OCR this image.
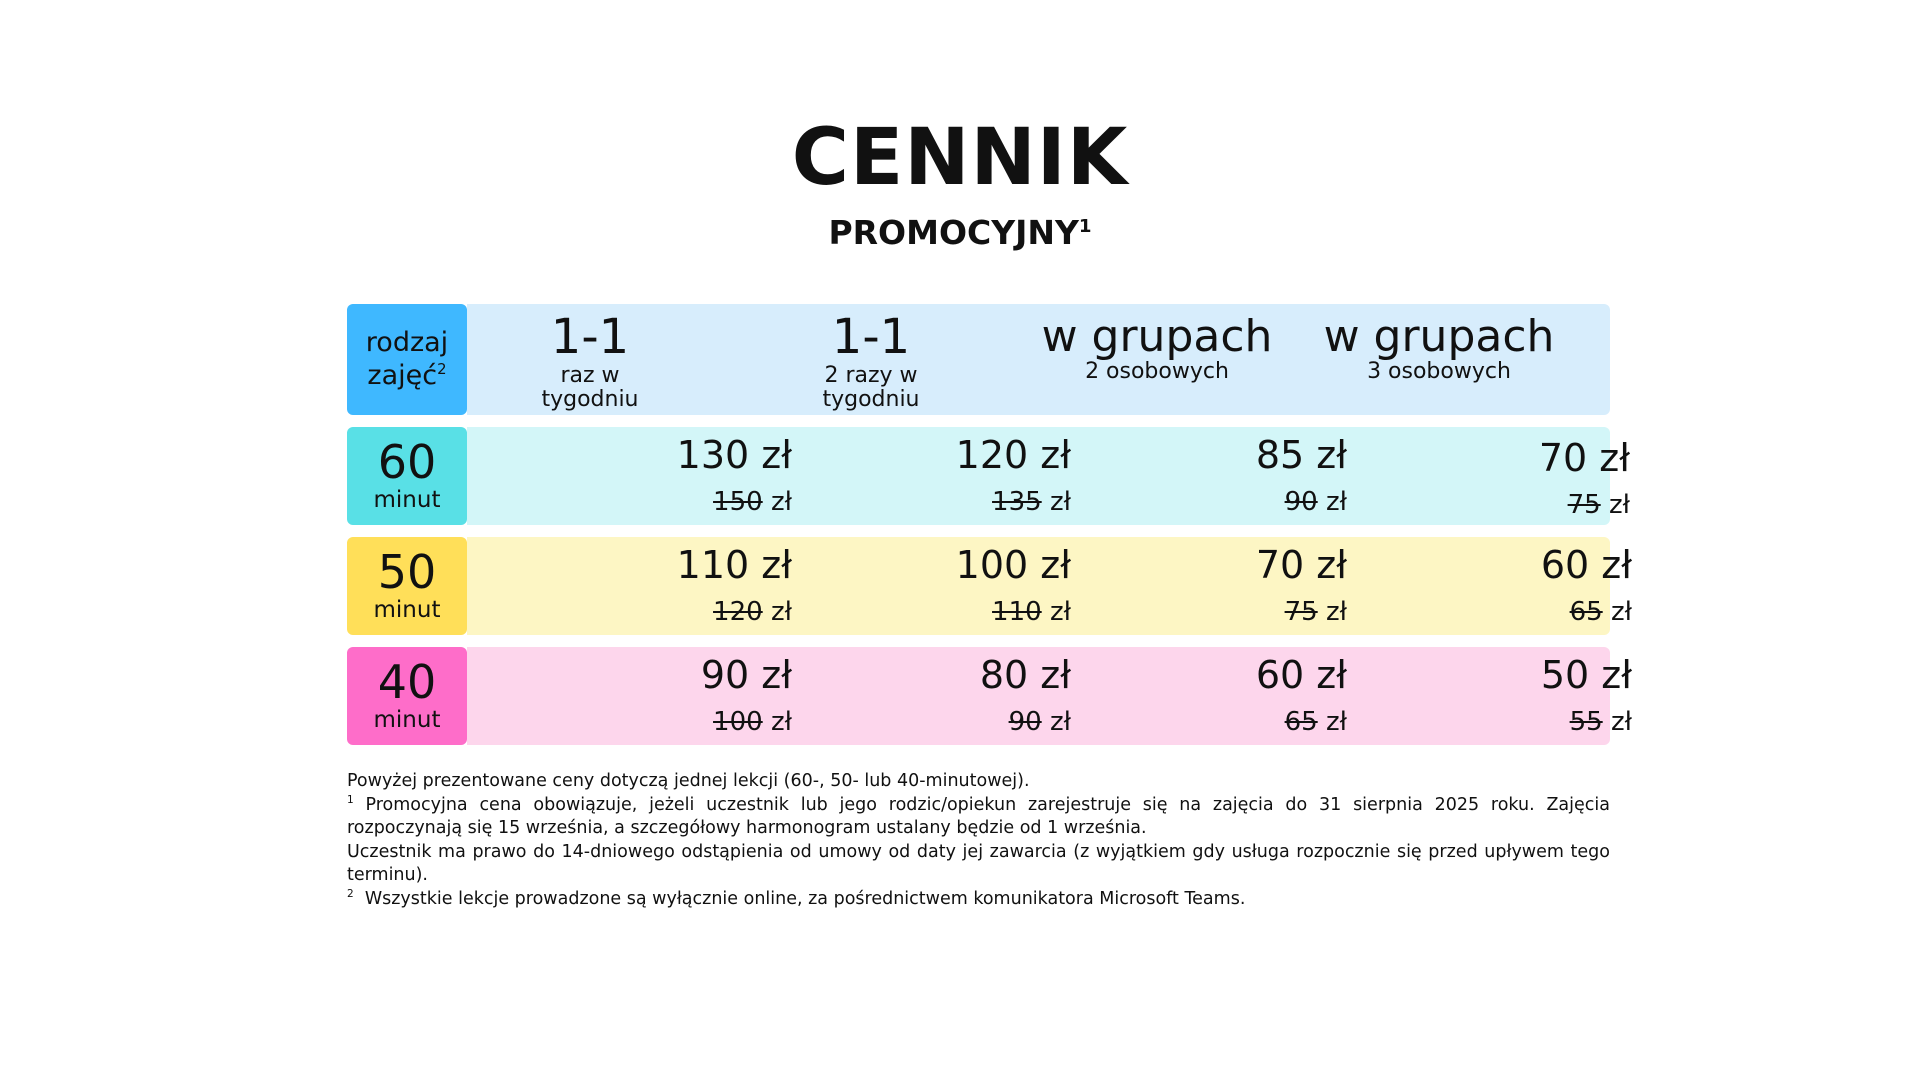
CENNIK
PROMOCYJNY$^1$
rodzaj
zajęć$^2$
1-1
raz w
tygodniu
1-1
2 razy w
tygodniu
w grupach
2 osobowych
w grupach
3 osobowych
60
minut
130 zł
150 zł
120 zł
135 zł
85 zł
90 zł
70 zł
75 zł
50
minut
110 zł
120 zł
100 zł
110 zł
70 zł
75 zł
60 zł
65 zł
40
minut
90 zł
100 zł
80 zł
90 zł
60 zł
65 zł
50 zł
55 zł

Powyżej prezentowane ceny dotyczą jednej lekcji (60-, 50- lub 40-minutowej).

$^1$ Promocyjna cena obowiązuje, jeżeli uczestnik lub jego rodzic/opiekun zarejestruje się na zajęcia do 31 sierpnia 2025 roku. Zajęcia rozpoczynają się 15 września, a szczegółowy harmonogram ustalany będzie od 1 września.

Uczestnik ma prawo do 14-dniowego odstąpienia od umowy od daty jej zawarcia (z wyjątkiem gdy usługa rozpocznie się przed upływem tego terminu).

$^2$ Wszystkie lekcje prowadzone są wyłącznie online, za pośrednictwem komunikatora Microsoft Teams.
